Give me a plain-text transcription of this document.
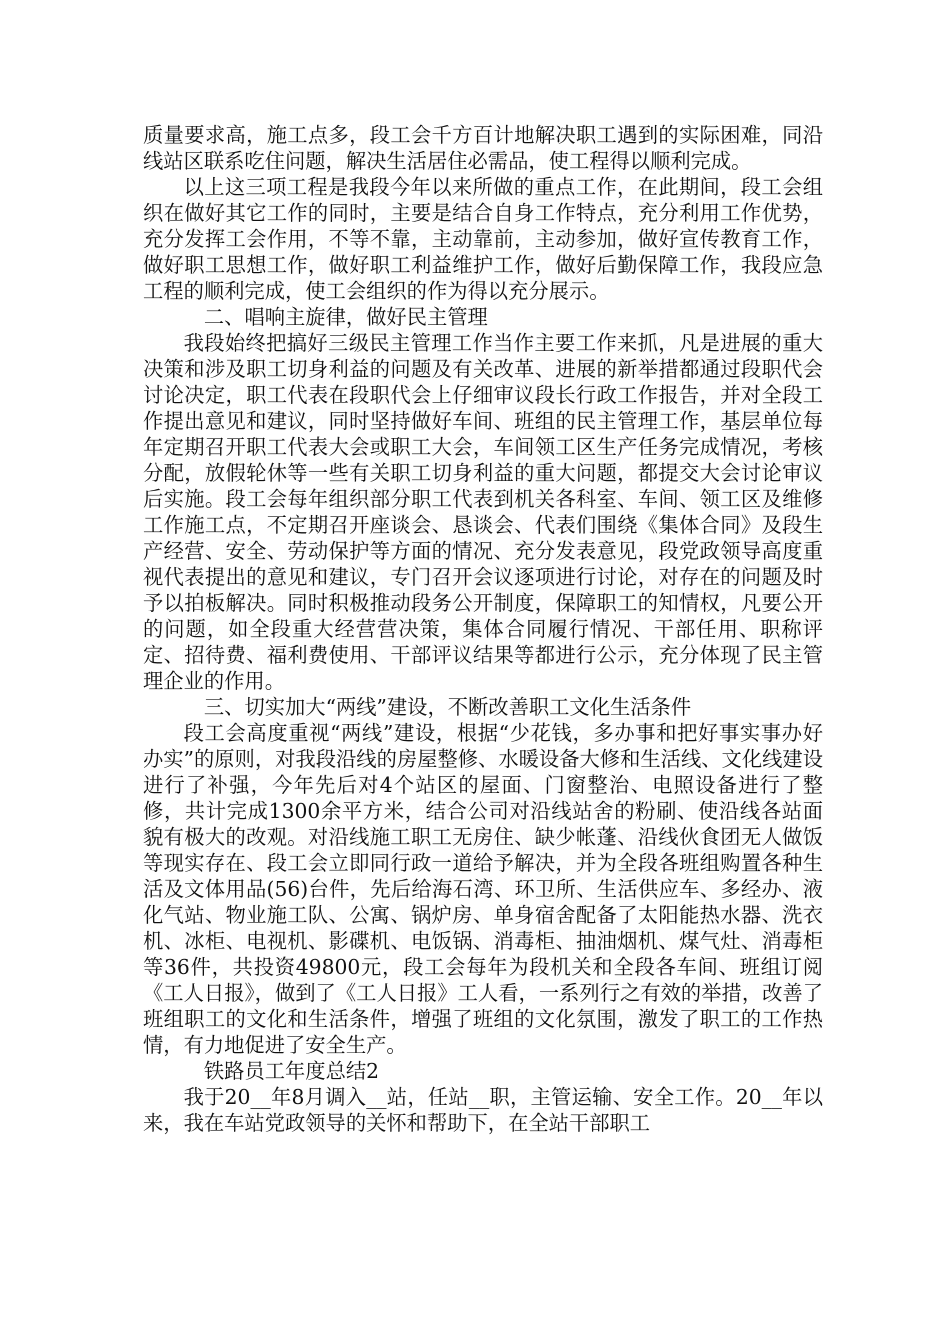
质量要求高，施工点多，段工会千方百计地解决职工遇到的实际困难，同沿线站区联系吃住问题，解决生活居住必需品，使工程得以顺利完成。

以上这三项工程是我段今年以来所做的重点工作，在此期间，段工会组织在做好其它工作的同时，主要是结合自身工作特点，充分利用工作优势，充分发挥工会作用，不等不靠，主动靠前，主动参加，做好宣传教育工作，做好职工思想工作，做好职工利益维护工作，做好后勤保障工作，我段应急工程的顺利完成，使工会组织的作为得以充分展示。

二、唱响主旋律，做好民主管理

我段始终把搞好三级民主管理工作当作主要工作来抓，凡是进展的重大决策和涉及职工切身利益的问题及有关改革、进展的新举措都通过段职代会讨论决定，职工代表在段职代会上仔细审议段长行政工作报告，并对全段工作提出意见和建议，同时坚持做好车间、班组的民主管理工作，基层单位每年定期召开职工代表大会或职工大会，车间领工区生产任务完成情况，考核分配，放假轮休等一些有关职工切身利益的重大问题，都提交大会讨论审议后实施。段工会每年组织部分职工代表到机关各科室、车间、领工区及维修工作施工点，不定期召开座谈会、恳谈会、代表们围绕《集体合同》及段生产经营、安全、劳动保护等方面的情况、充分发表意见，段党政领导高度重视代表提出的意见和建议，专门召开会议逐项进行讨论，对存在的问题及时予以拍板解决。同时积极推动段务公开制度，保障职工的知情权，凡要公开的问题，如全段重大经营营决策，集体合同履行情况、干部任用、职称评定、招待费、福利费使用、干部评议结果等都进行公示，充分体现了民主管理企业的作用。

三、切实加大“两线”建设，不断改善职工文化生活条件

段工会高度重视“两线”建设，根据“少花钱，多办事和把好事实事办好办实”的原则，对我段沿线的房屋整修、水暖设备大修和生活线、文化线建设进行了补强，今年先后对4个站区的屋面、门窗整治、电照设备进行了整修，共计完成1300余平方米，结合公司对沿线站舍的粉刷、使沿线各站面貌有极大的改观。对沿线施工职工无房住、缺少帐蓬、沿线伙食团无人做饭等现实存在、段工会立即同行政一道给予解决，并为全段各班组购置各种生活及文体用品(56)台件，先后给海石湾、环卫所、生活供应车、多经办、液化气站、物业施工队、公寓、锅炉房、单身宿舍配备了太阳能热水器、洗衣机、冰柜、电视机、影碟机、电饭锅、消毒柜、抽油烟机、煤气灶、消毒柜等36件，共投资49800元，段工会每年为段机关和全段各车间、班组订阅《工人日报》，做到了《工人日报》工人看，一系列行之有效的举措，改善了班组职工的文化和生活条件，增强了班组的文化氛围，激发了职工的工作热情，有力地促进了安全生产。

铁路员工年度总结2

我于20__年8月调入__站，任站__职，主管运输、安全工作。20__年以来，我在车站党政领导的关怀和帮助下，在全站干部职工
